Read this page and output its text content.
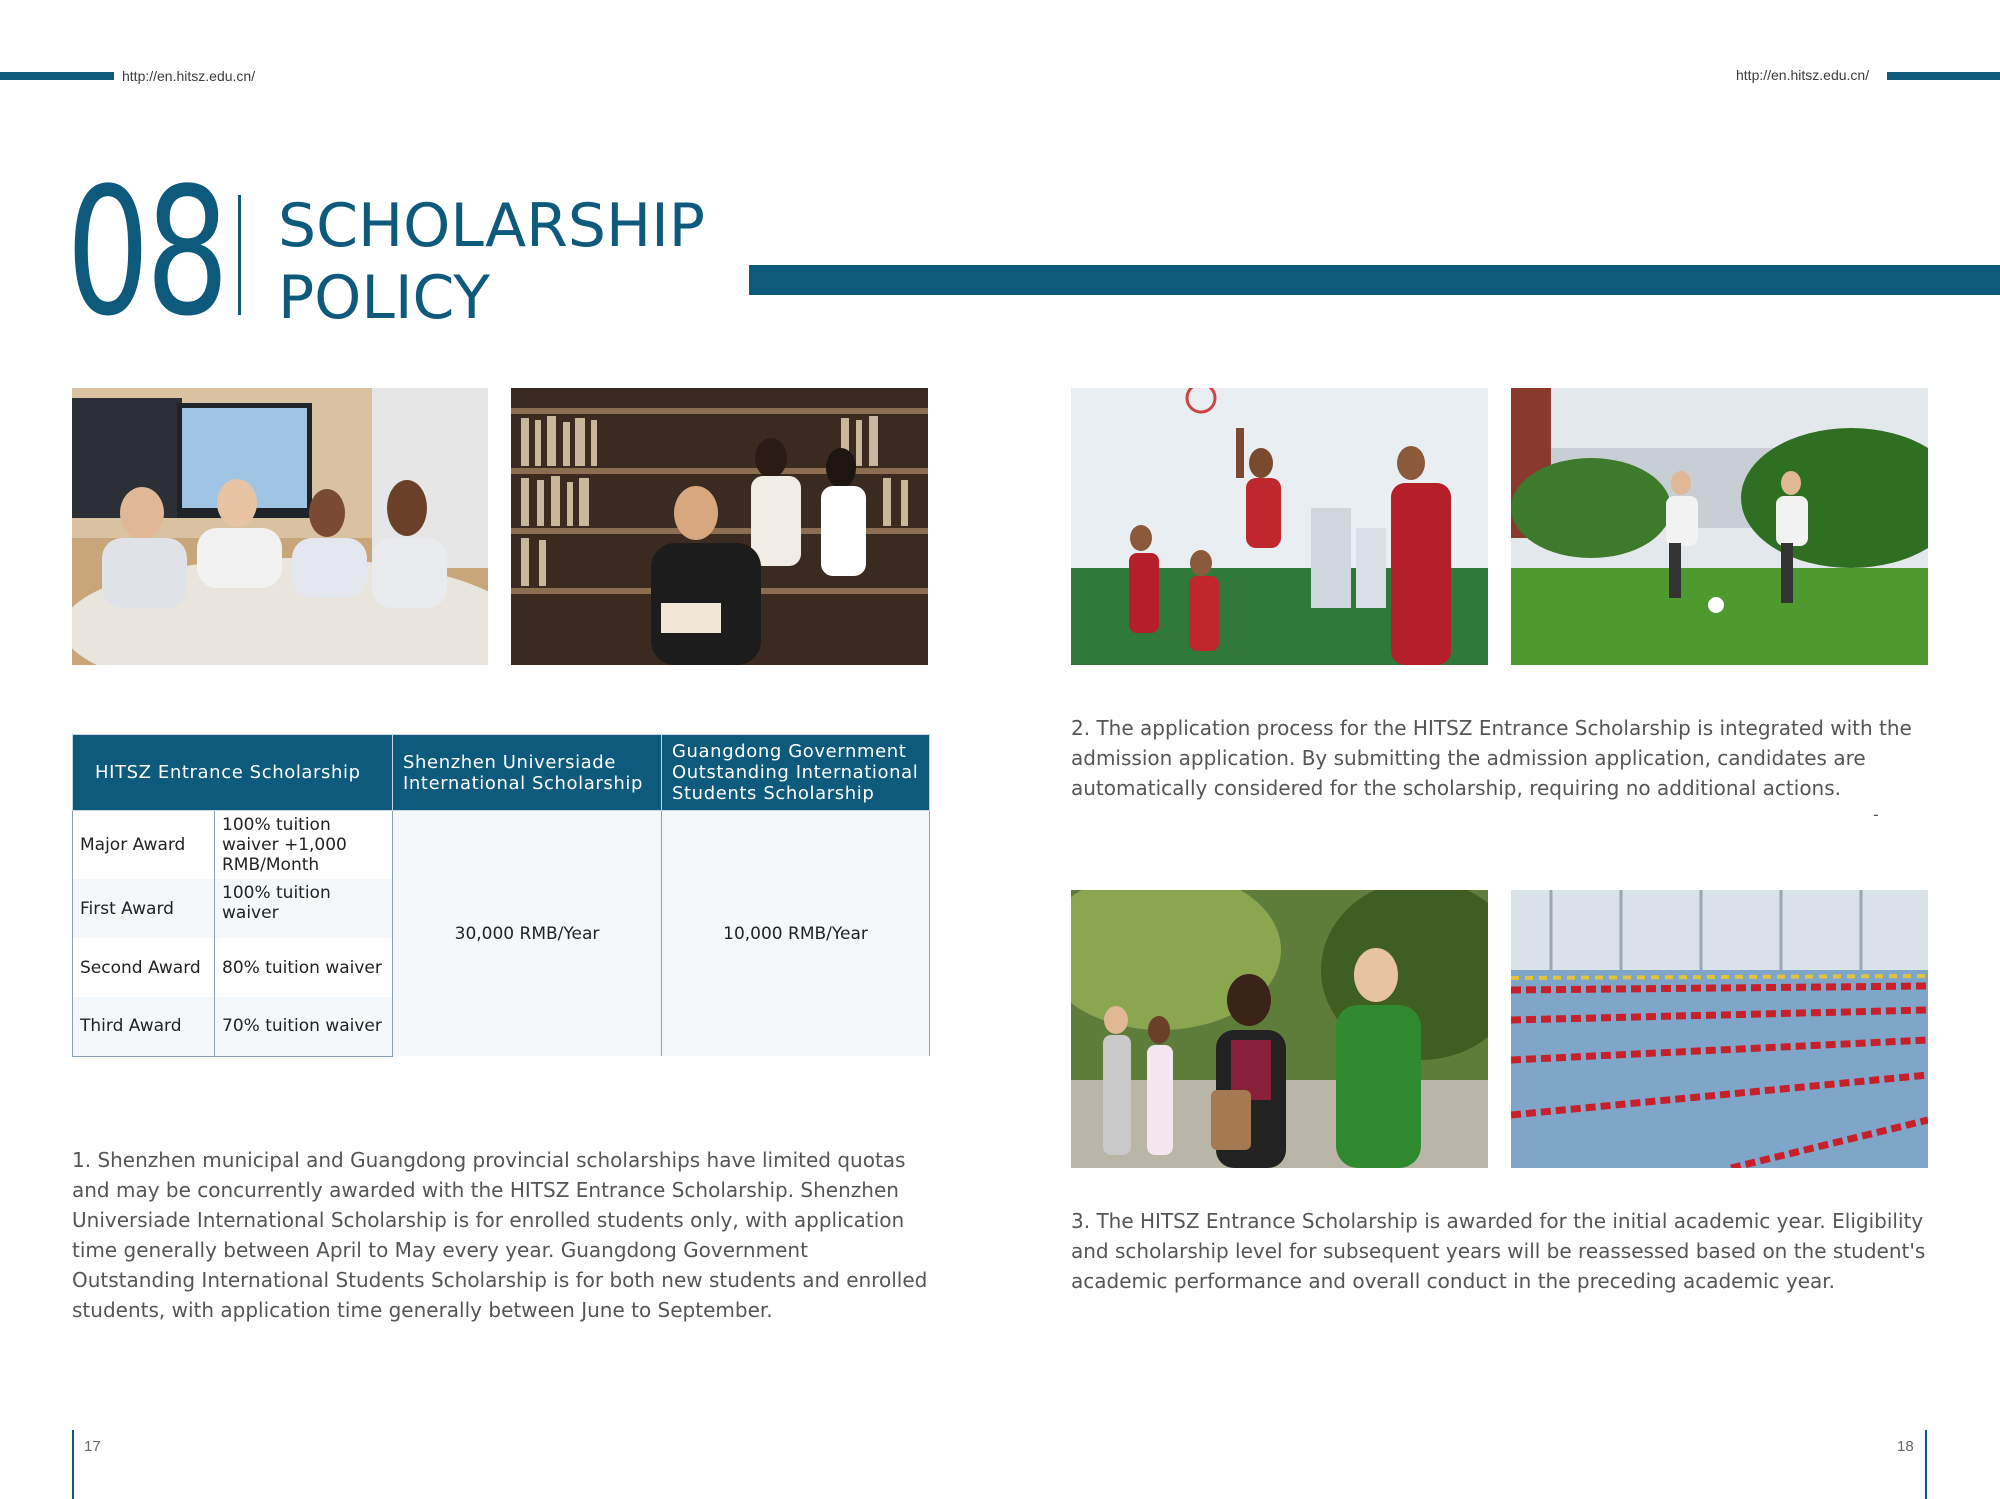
http://en.hitsz.edu.cn/	http://en.hitsz.edu.cn/
08 SCHOLARSHIP
POLICY
HITSZ Entrance Scholarship		Shenzhen Universiade International Scholarship	Guangdong Government Outstanding International Students Scholarship
Major Award	100% tuition waiver +1,000 RMB/Month	30,000 RMB/Year	10,000 RMB/Year
First Award	100% tuition waiver		
Second Award	80% tuition waiver		
Third Award	70% tuition waiver		
1. Shenzhen municipal and Guangdong provincial scholarships have limited quotas and may be concurrently awarded with the HITSZ Entrance Scholarship. Shenzhen Universiade International Scholarship is for enrolled students only, with application time generally between April to May every year. Guangdong Government Outstanding International Students Scholarship is for both new students and enrolled students, with application time generally between June to September.
2. The application process for the HITSZ Entrance Scholarship is integrated with the admission application. By submitting the admission application, candidates are automatically considered for the scholarship, requiring no additional actions.
-
3. The HITSZ Entrance Scholarship is awarded for the initial academic year. Eligibility and scholarship level for subsequent years will be reassessed based on the student's academic performance and overall conduct in the preceding academic year.
17	18
